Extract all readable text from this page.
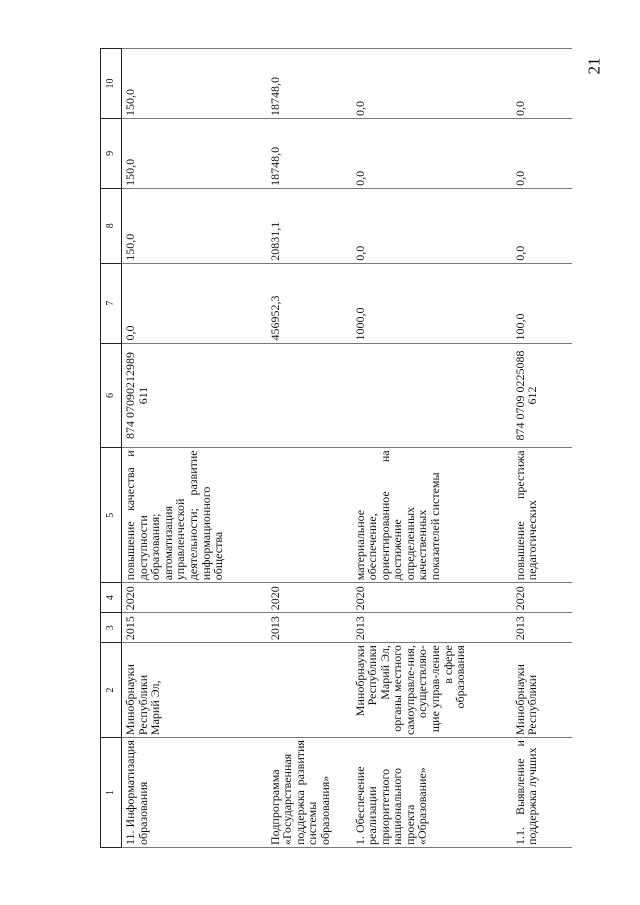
21
1	2	3	4	5	6	7	8	9	10
11. Информатизация образования	Минобрнауки Республики Марий Эл,	2015	2020	повышение качества и доступности образования; автоматизация управленческой деятельности; развитие информационного общества	874 07090212989 611	0,0	150,0	150,0	150,0
Подпрограмма «Государственная поддержка развития системы образования»		2013	2020			456952,3	20831,1	18748,0	18748,0
1. Обеспечение реализации приоритетного национального проекта «Образование»	Минобрнауки Республики Марий Эл, органы местного самоуправле-ния, осуществляю-щие управ-ление в сфере образования	2013	2020	материальное обеспечение, ориентированное на достижение определенных качественных показателей системы		1000,0	0,0	0,0	0,0
1.1. Выявление и поддержка лучших	Минобрнауки Республики	2013	2020	повышение престижа педагогических	874 0709 0225088 612	100,0	0,0	0,0	0,0
